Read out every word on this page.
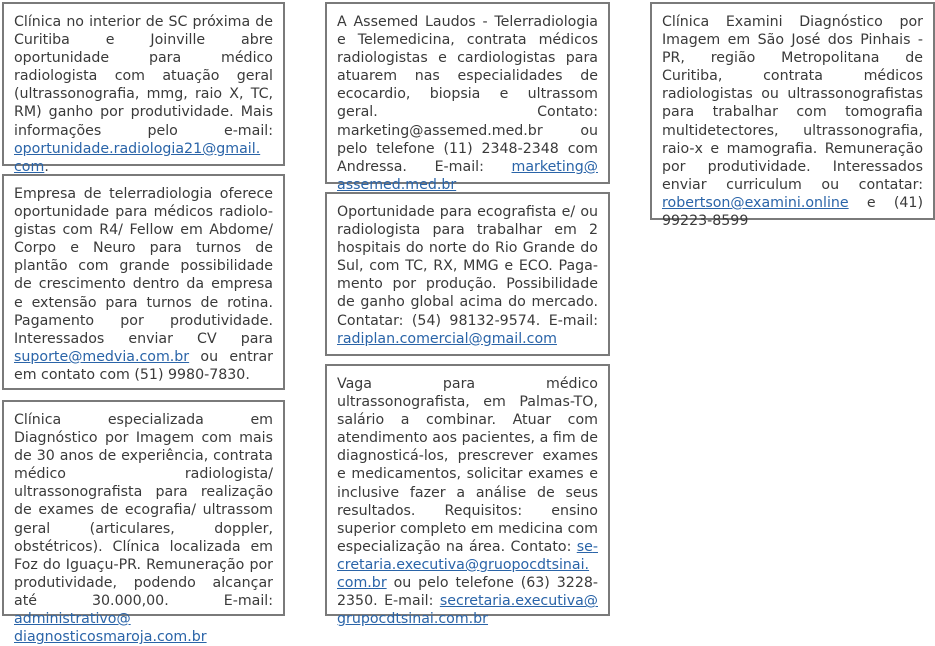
Clínica no interior de SC próxima de Curitiba e Joinville abre oportunidade para médico radiologista com atuação geral (ultrassonografia, mmg, raio X, TC, RM) ganho por produtividade. Mais informações pelo e-mail: oportunidade.radiologia21@gmail.​com.

Empresa de telerradiologia oferece oportunidade para médicos radiologistas com R4/ Fellow em Abdome/ Corpo e Neuro para turnos de plantão com grande possibilidade de crescimento dentro da empresa e extensão para turnos de rotina. Pagamento por produtividade. Interessados enviar CV para suporte@medvia.​com.br ou entrar em contato com (51) 9980-7830.

Clínica especializada em Diagnóstico por Imagem com mais de 30 anos de experiência, contrata médico radiologista/ ultrassonografista para realização de exames de ecografia/ ultrassom geral (articulares, doppler, obstétricos). Clínica localizada em Foz do Iguaçu-PR. Remuneração por produtividade, podendo alcançar até 30.000,00. E-mail: administrativo@​diagnosticosmaroja.com.br

A Assemed Laudos - Telerradiologia e Telemedicina, contrata médicos radiologistas e cardiologistas para atuarem nas especialidades de ecocardio, biopsia e ultrassom geral. Contato: marketing@assemed.med.​br ou pelo telefone (11) 2348-2348 com Andressa. E-mail: marketing@​assemed.med.br

Oportunidade para ecografista e/ ou radiologista para trabalhar em 2 hospitais do norte do Rio Grande do Sul, com TC, RX, MMG e ECO. Pagamento por produção. Possibilidade de ganho global acima do mercado. Contatar: (54) 98132-9574. E-mail: radiplan.comercial@gmail.com

Vaga para médico ultrassonografista, em Palmas-TO, salário a combinar. Atuar com atendimento aos pacientes, a fim de diagnosticá-los, prescrever exames e medicamentos, solicitar exames e inclusive fazer a análise de seus resultados. Requisitos: ensino superior completo em medicina com especialização na área. Contato: secretaria.executiva@gruopocdtsinai.​com.br ou pelo telefone (63) 3228-2350. E-mail: secretaria.executiva@​grupocdtsinai.com.br

Clínica Examini Diagnóstico por Imagem em São José dos Pinhais - PR, região Metropolitana de Curitiba, contrata médicos radiologistas ou ultrassonografistas para trabalhar com tomografia multidetectores, ultrassonografia, raio-x e mamografia. Remuneração por produtividade. Interessados enviar curriculum ou contatar: robertson@examini.online e (41) 99223-8599
